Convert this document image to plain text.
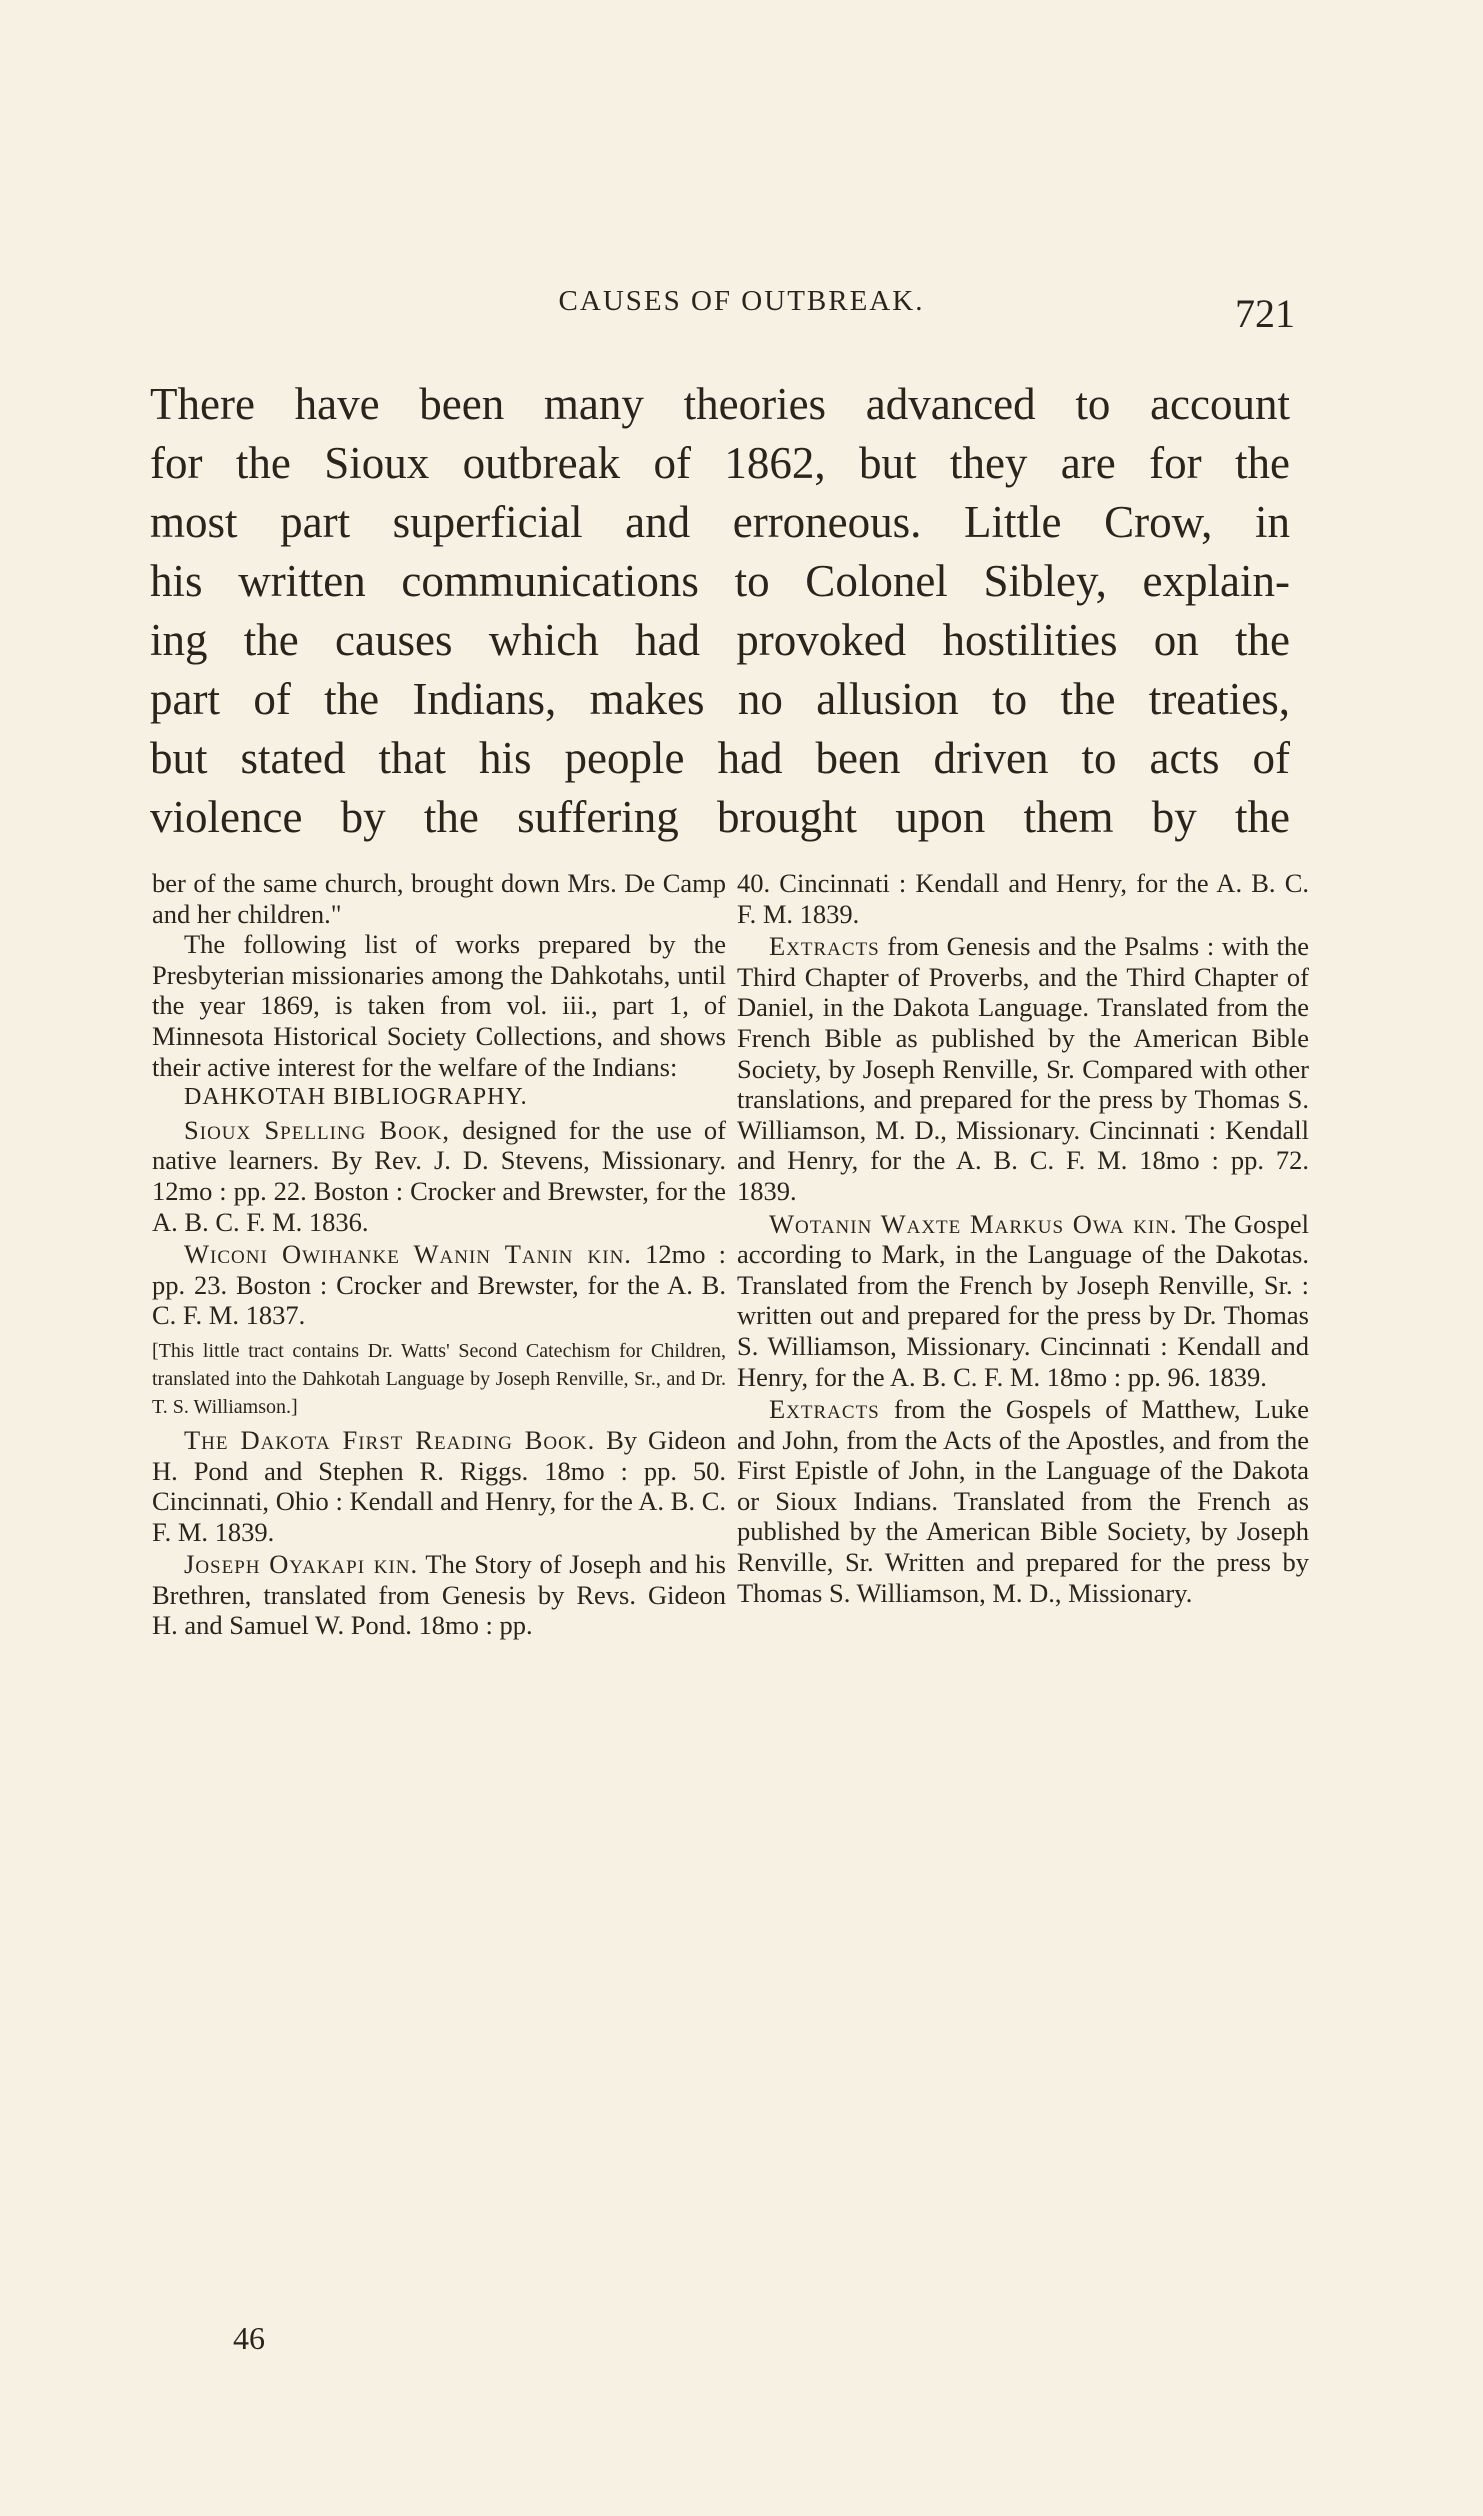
CAUSES OF OUTBREAK.	721
There have been many theories advanced to account
for the Sioux outbreak of 1862, but they are for the
most part superficial and erroneous. Little Crow, in
his written communications to Colonel Sibley, explain-
ing the causes which had provoked hostilities on the
part of the Indians, makes no allusion to the treaties,
but stated that his people had been driven to acts of
violence by the suffering brought upon them by the

ber of the same church, brought down Mrs. De Camp and her children."

The following list of works prepared by the Presbyterian missionaries among the Dahkotahs, until the year 1869, is taken from vol. iii., part 1, of Minnesota Historical Society Collections, and shows their active interest for the welfare of the Indians:

DAHKOTAH BIBLIOGRAPHY.

Sioux Spelling Book, designed for the use of native learners. By Rev. J. D. Stevens, Missionary. 12mo : pp. 22. Boston : Crocker and Brewster, for the A. B. C. F. M. 1836.

Wiconi Owihanke Wanin Tanin kin. 12mo : pp. 23. Boston : Crocker and Brewster, for the A. B. C. F. M. 1837.

[This little tract contains Dr. Watts' Second Catechism for Children, translated into the Dahkotah Language by Joseph Renville, Sr., and Dr. T. S. Williamson.]

The Dakota First Reading Book. By Gideon H. Pond and Stephen R. Riggs. 18mo : pp. 50. Cincinnati, Ohio : Kendall and Henry, for the A. B. C. F. M. 1839.

Joseph Oyakapi kin. The Story of Joseph and his Brethren, translated from Genesis by Revs. Gideon H. and Samuel W. Pond. 18mo : pp.

40. Cincinnati : Kendall and Henry, for the A. B. C. F. M. 1839.

Extracts from Genesis and the Psalms : with the Third Chapter of Proverbs, and the Third Chapter of Daniel, in the Dakota Language. Translated from the French Bible as published by the American Bible Society, by Joseph Renville, Sr. Compared with other translations, and prepared for the press by Thomas S. Williamson, M. D., Missionary. Cincinnati : Kendall and Henry, for the A. B. C. F. M. 18mo : pp. 72. 1839.

Wotanin Waxte Markus Owa kin. The Gospel according to Mark, in the Language of the Dakotas. Translated from the French by Joseph Renville, Sr. : written out and prepared for the press by Dr. Thomas S. Williamson, Missionary. Cincinnati : Kendall and Henry, for the A. B. C. F. M. 18mo : pp. 96. 1839.

Extracts from the Gospels of Matthew, Luke and John, from the Acts of the Apostles, and from the First Epistle of John, in the Language of the Dakota or Sioux Indians. Translated from the French as published by the American Bible Society, by Joseph Renville, Sr. Written and prepared for the press by Thomas S. Williamson, M. D., Missionary.

46
